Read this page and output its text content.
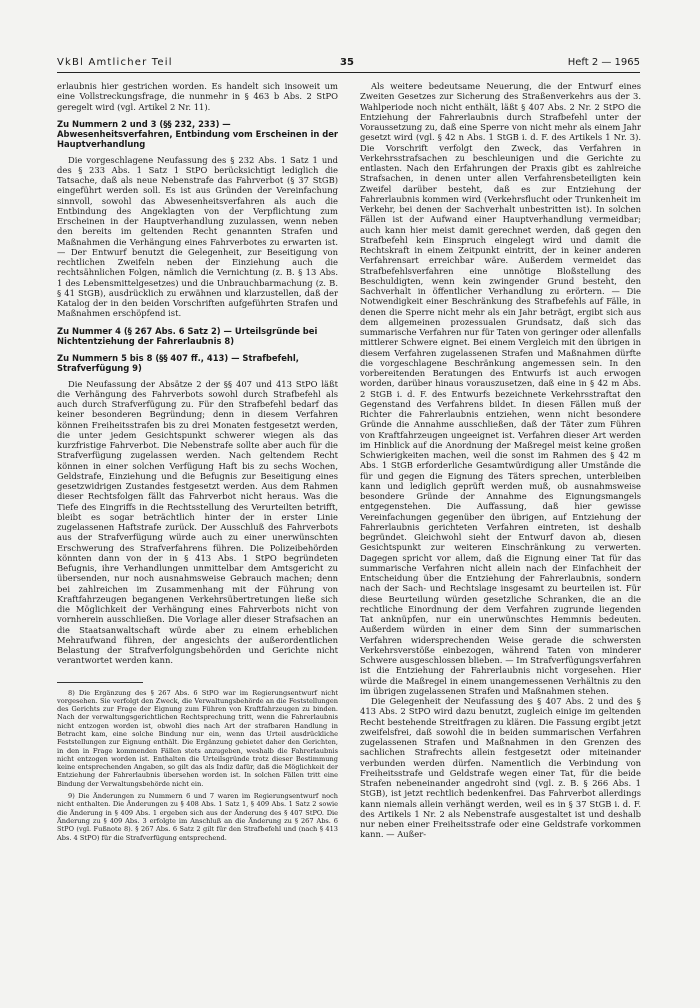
VkBl Amtlicher Teil	35	Heft 2 — 1965

erlaubnis hier gestrichen worden. Es handelt sich insoweit um eine Vollstreckungsfrage, die nunmehr in § 463 b Abs. 2 StPO geregelt wird (vgl. Artikel 2 Nr. 11).

Zu Nummern 2 und 3 (§§ 232, 233) — Abwesenheitsverfahren, Entbindung vom Erscheinen in der Hauptverhandlung

Die vorgeschlagene Neufassung des § 232 Abs. 1 Satz 1 und des § 233 Abs. 1 Satz 1 StPO berücksichtigt lediglich die Tatsache, daß als neue Nebenstrafe das Fahrverbot (§ 37 StGB) eingeführt werden soll. Es ist aus Gründen der Vereinfachung sinnvoll, sowohl das Abwesenheitsverfahren als auch die Entbindung des Angeklagten von der Verpflichtung zum Erscheinen in der Hauptverhandlung zuzulassen, wenn neben den bereits im geltenden Recht genannten Strafen und Maßnahmen die Verhängung eines Fahrverbotes zu erwarten ist. — Der Entwurf benutzt die Gelegenheit, zur Beseitigung von rechtlichen Zweifeln neben der Einziehung auch die rechtsähnlichen Folgen, nämlich die Vernichtung (z. B. § 13 Abs. 1 des Lebensmittelgesetzes) und die Unbrauchbarmachung (z. B. § 41 StGB), ausdrücklich zu erwähnen und klarzustellen, daß der Katalog der in den beiden Vorschriften aufgeführten Strafen und Maßnahmen erschöpfend ist.

Zu Nummer 4 (§ 267 Abs. 6 Satz 2) — Urteilsgründe bei Nichtentziehung der Fahrerlaubnis 8)
Zu Nummern 5 bis 8 (§§ 407 ff., 413) — Strafbefehl, Strafverfügung 9)

Die Neufassung der Absätze 2 der §§ 407 und 413 StPO läßt die Verhängung des Fahrverbots sowohl durch Strafbefehl als auch durch Strafverfügung zu. Für den Strafbefehl bedarf das keiner besonderen Begründung; denn in diesem Verfahren können Freiheitsstrafen bis zu drei Monaten festgesetzt werden, die unter jedem Gesichtspunkt schwerer wiegen als das kurzfristige Fahrverbot. Die Nebenstrafe sollte aber auch für die Strafverfügung zugelassen werden. Nach geltendem Recht können in einer solchen Verfügung Haft bis zu sechs Wochen, Geldstrafe, Einziehung und die Befugnis zur Beseitigung eines gesetzwidrigen Zustandes festgesetzt werden. Aus dem Rahmen dieser Rechtsfolgen fällt das Fahrverbot nicht heraus. Was die Tiefe des Eingriffs in die Rechtsstellung des Verurteilten betrifft, bleibt es sogar beträchtlich hinter der in erster Linie zugelassenen Haftstrafe zurück. Der Ausschluß des Fahrverbots aus der Strafverfügung würde auch zu einer unerwünschten Erschwerung des Strafverfahrens führen. Die Polizeibehörden könnten dann von der in § 413 Abs. 1 StPO begründeten Befugnis, ihre Verhandlungen unmittelbar dem Amtsgericht zu übersenden, nur noch ausnahmsweise Gebrauch machen; denn bei zahlreichen im Zusammenhang mit der Führung von Kraftfahrzeugen begangenen Verkehrsübertretungen ließe sich die Möglichkeit der Verhängung eines Fahrverbots nicht von vornherein ausschließen. Die Vorlage aller dieser Strafsachen an die Staatsanwaltschaft würde aber zu einem erheblichen Mehraufwand führen, der angesichts der außerordentlichen Belastung der Strafverfolgungsbehörden und Gerichte nicht verantwortet werden kann.

8) Die Ergänzung des § 267 Abs. 6 StPO war im Regierungsentwurf nicht vorgesehen. Sie verfolgt den Zweck, die Verwaltungsbehörde an die Feststellungen des Gerichts zur Frage der Eignung zum Führen von Kraftfahrzeugen zu binden. Nach der verwaltungsgerichtlichen Rechtsprechung tritt, wenn die Fahrerlaubnis nicht entzogen worden ist, obwohl dies nach Art der strafbaren Handlung in Betracht kam, eine solche Bindung nur ein, wenn das Urteil ausdrückliche Feststellungen zur Eignung enthält. Die Ergänzung gebietet daher den Gerichten, in den in Frage kommenden Fällen stets anzugeben, weshalb die Fahrerlaubnis nicht entzogen worden ist. Enthalten die Urteilsgründe trotz dieser Bestimmung keine entsprechenden Angaben, so gilt das als Indiz dafür, daß die Möglichkeit der Entziehung der Fahrerlaubnis übersehen worden ist. In solchen Fällen tritt eine Bindung der Verwaltungsbehörde nicht ein.

9) Die Änderungen zu Nummern 6 und 7 waren im Regierungsentwurf noch nicht enthalten. Die Änderungen zu § 408 Abs. 1 Satz 1, § 409 Abs. 1 Satz 2 sowie die Änderung in § 409 Abs. 1 ergeben sich aus der Änderung des § 407 StPO. Die Änderung zu § 409 Abs. 3 erfolgte im Anschluß an die Änderung zu § 267 Abs. 6 StPO (vgl. Fußnote 8). § 267 Abs. 6 Satz 2 gilt für den Strafbefehl und (nach § 413 Abs. 4 StPO) für die Strafverfügung entsprechend.

Als weitere bedeutsame Neuerung, die der Entwurf eines Zweiten Gesetzes zur Sicherung des Straßenverkehrs aus der 3. Wahlperiode noch nicht enthält, läßt § 407 Abs. 2 Nr. 2 StPO die Entziehung der Fahrerlaubnis durch Strafbefehl unter der Voraussetzung zu, daß eine Sperre von nicht mehr als einem Jahr gesetzt wird (vgl. § 42 n Abs. 1 StGB i. d. F. des Artikels 1 Nr. 3). Die Vorschrift verfolgt den Zweck, das Verfahren in Verkehrsstrafsachen zu beschleunigen und die Gerichte zu entlasten. Nach den Erfahrungen der Praxis gibt es zahlreiche Strafsachen, in denen unter allen Verfahrensbeteiligten kein Zweifel darüber besteht, daß es zur Entziehung der Fahrerlaubnis kommen wird (Verkehrsflucht oder Trunkenheit im Verkehr, bei denen der Sachverhalt unbestritten ist). In solchen Fällen ist der Aufwand einer Hauptverhandlung vermeidbar; auch kann hier meist damit gerechnet werden, daß gegen den Strafbefehl kein Einspruch eingelegt wird und damit die Rechtskraft in einem Zeitpunkt eintritt, der in keiner anderen Verfahrensart erreichbar wäre. Außerdem vermeidet das Strafbefehlsverfahren eine unnötige Bloßstellung des Beschuldigten, wenn kein zwingender Grund besteht, den Sachverhalt in öffentlicher Verhandlung zu erörtern. — Die Notwendigkeit einer Beschränkung des Strafbefehls auf Fälle, in denen die Sperre nicht mehr als ein Jahr beträgt, ergibt sich aus dem allgemeinen prozessualen Grundsatz, daß sich das summarische Verfahren nur für Taten von geringer oder allenfalls mittlerer Schwere eignet. Bei einem Vergleich mit den übrigen in diesem Verfahren zugelassenen Strafen und Maßnahmen dürfte die vorgeschlagene Beschränkung angemessen sein. In den vorbereitenden Beratungen des Entwurfs ist auch erwogen worden, darüber hinaus vorauszusetzen, daß eine in § 42 m Abs. 2 StGB i. d. F. des Entwurfs bezeichnete Verkehrsstraftat den Gegenstand des Verfahrens bildet. In diesen Fällen muß der Richter die Fahrerlaubnis entziehen, wenn nicht besondere Gründe die Annahme ausschließen, daß der Täter zum Führen von Kraftfahrzeugen ungeeignet ist. Verfahren dieser Art werden im Hinblick auf die Anordnung der Maßregel meist keine großen Schwierigkeiten machen, weil die sonst im Rahmen des § 42 m Abs. 1 StGB erforderliche Gesamtwürdigung aller Umstände die für und gegen die Eignung des Täters sprechen, unterbleiben kann und lediglich geprüft werden muß, ob ausnahmsweise besondere Gründe der Annahme des Eignungsmangels entgegenstehen. Die Auffassung, daß hier gewisse Vereinfachungen gegenüber den übrigen, auf Entziehung der Fahrerlaubnis gerichteten Verfahren eintreten, ist deshalb begründet. Gleichwohl sieht der Entwurf davon ab, diesen Gesichtspunkt zur weiteren Einschränkung zu verwerten. Dagegen spricht vor allem, daß die Eignung einer Tat für das summarische Verfahren nicht allein nach der Einfachheit der Entscheidung über die Entziehung der Fahrerlaubnis, sondern nach der Sach- und Rechtslage insgesamt zu beurteilen ist. Für diese Beurteilung würden gesetzliche Schranken, die an die rechtliche Einordnung der dem Verfahren zugrunde liegenden Tat anknüpfen, nur ein unerwünschtes Hemmnis bedeuten. Außerdem würden in einer dem Sinn der summarischen Verfahren widersprechenden Weise gerade die schwersten Verkehrsverstöße einbezogen, während Taten von minderer Schwere ausgeschlossen blieben. — Im Strafverfügungsverfahren ist die Entziehung der Fahrerlaubnis nicht vorgesehen. Hier würde die Maßregel in einem unangemessenen Verhältnis zu den im übrigen zugelassenen Strafen und Maßnahmen stehen.

Die Gelegenheit der Neufassung des § 407 Abs. 2 und des § 413 Abs. 2 StPO wird dazu benutzt, zugleich einige im geltenden Recht bestehende Streitfragen zu klären. Die Fassung ergibt jetzt zweifelsfrei, daß sowohl die in beiden summarischen Verfahren zugelassenen Strafen und Maßnahmen in den Grenzen des sachlichen Strafrechts allein festgesetzt oder miteinander verbunden werden dürfen. Namentlich die Verbindung von Freiheitsstrafe und Geldstrafe wegen einer Tat, für die beide Strafen nebeneinander angedroht sind (vgl. z. B. § 266 Abs. 1 StGB), ist jetzt rechtlich bedenkenfrei. Das Fahrverbot allerdings kann niemals allein verhängt werden, weil es in § 37 StGB i. d. F. des Artikels 1 Nr. 2 als Nebenstrafe ausgestaltet ist und deshalb nur neben einer Freiheitsstrafe oder eine Geldstrafe vorkommen kann. — Außer-
